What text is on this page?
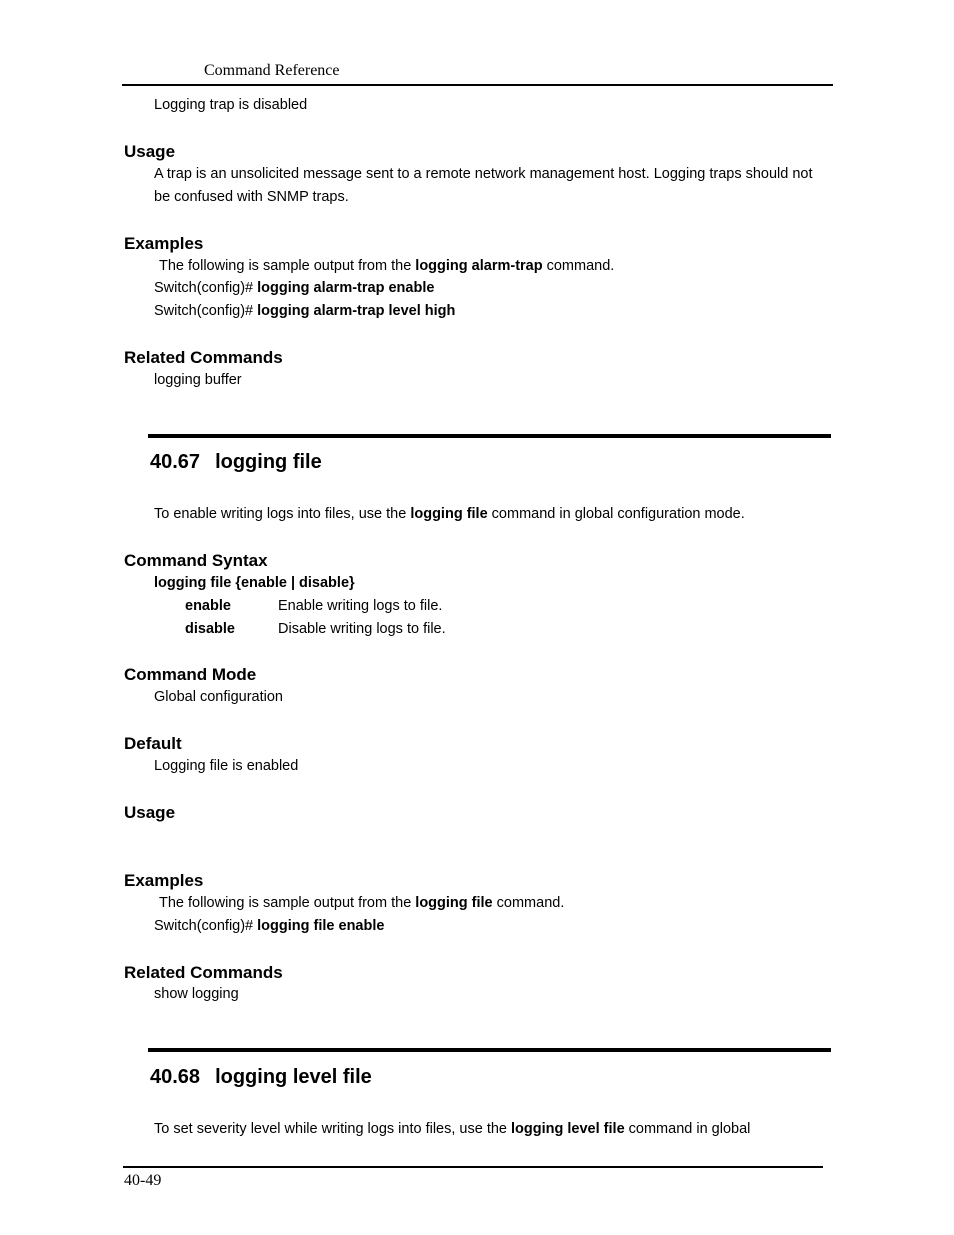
Command Reference
Logging trap is disabled
Usage
A trap is an unsolicited message sent to a remote network management host. Logging traps should not
be confused with SNMP traps.
Examples
The following is sample output from the logging alarm-trap command.
Switch(config)# logging alarm-trap enable
Switch(config)# logging alarm-trap level high
Related Commands
logging buffer
40.67 logging file
To enable writing logs into files, use the logging file command in global configuration mode.
Command Syntax
logging file {enable | disable}
enable	Enable writing logs to file.
disable	Disable writing logs to file.
Command Mode
Global configuration
Default
Logging file is enabled
Usage
Examples
The following is sample output from the logging file command.
Switch(config)# logging file enable
Related Commands
show logging
40.68 logging level file
To set severity level while writing logs into files, use the logging level file command in global
40-49
